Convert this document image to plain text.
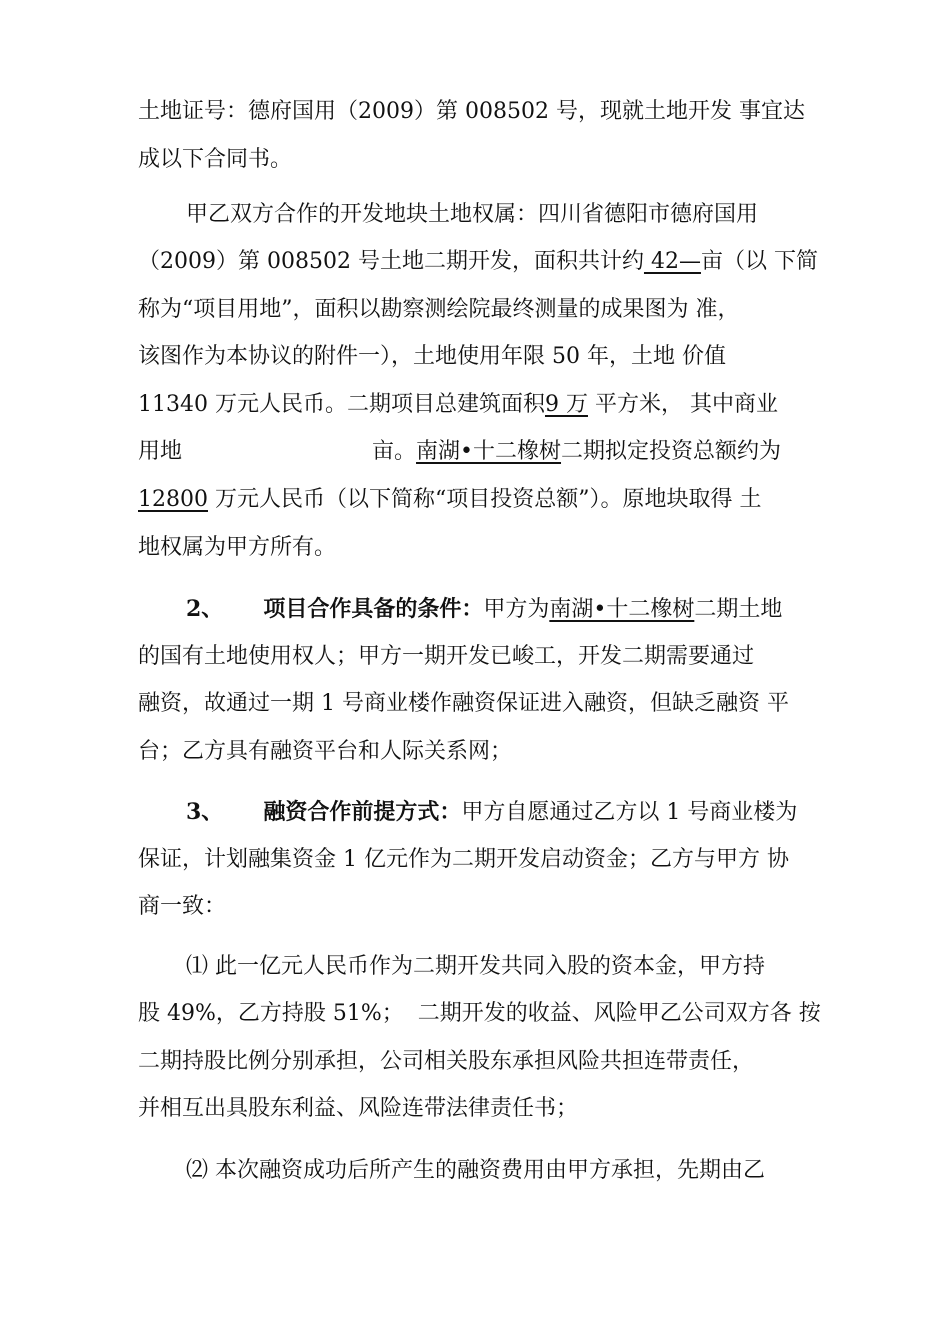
土地证号：德府国用（2009）第 008502 号，现就土地开发 事宜达
成以下合同书。
甲乙双方合作的开发地块土地权属：四川省德阳市德府国用
（2009）第 008502 号土地二期开发，面积共计约 42—亩（以 下简
称为“项目用地”，面积以勘察测绘院最终测量的成果图为 准，
该图作为本协议的附件一），土地使用年限 50 年，土地 价值
11340 万元人民币。二期项目总建筑面积9 万 平方米， 其中商业
用地	亩。南湖•十二橡树二期拟定投资总额约为
12800 万元人民币（以下简称“项目投资总额”）。原地块取得 土
地权属为甲方所有。
2、 项目合作具备的条件：甲方为南湖•十二橡树二期土地
的国有土地使用权人；甲方一期开发已峻工，开发二期需要通过
融资，故通过一期 1 号商业楼作融资保证进入融资，但缺乏融资 平
台；乙方具有融资平台和人际关系网；
3、 融资合作前提方式：甲方自愿通过乙方以 1 号商业楼为
保证，计划融集资金 1 亿元作为二期开发启动资金；乙方与甲方 协
商一致：
⑴ 此一亿元人民币作为二期开发共同入股的资本金，甲方持
股 49%，乙方持股 51%；  二期开发的收益、风险甲乙公司双方各 按
二期持股比例分别承担，公司相关股东承担风险共担连带责任，
并相互出具股东利益、风险连带法律责任书；
⑵ 本次融资成功后所产生的融资费用由甲方承担，先期由乙
